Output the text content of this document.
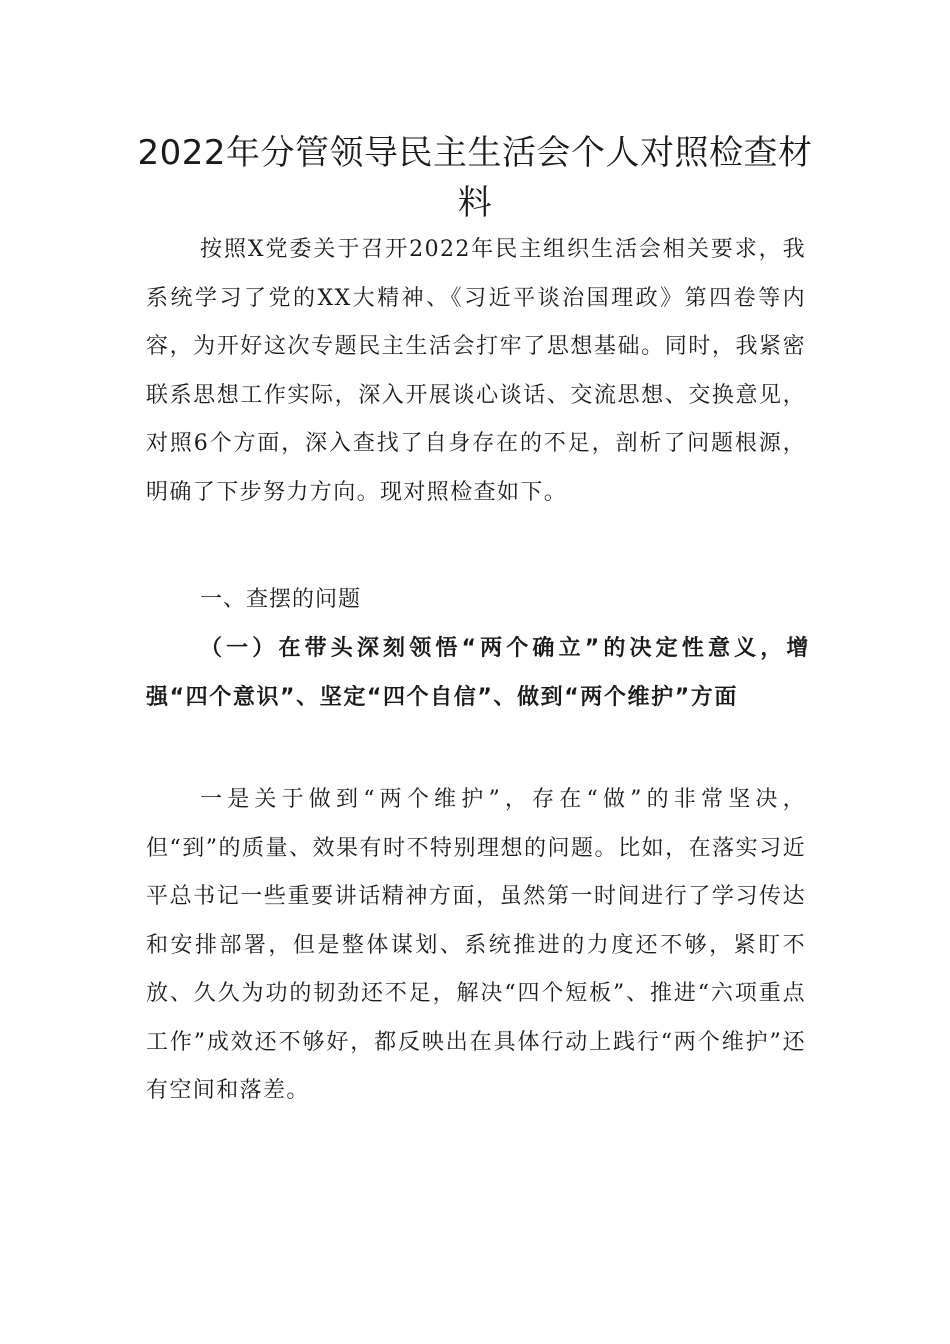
2022年分管领导民主生活会个人对照检查材料

按照X党委关于召开2022年民主组织生活会相关要求，我系统学习了党的XX大精神、《习近平谈治国理政》第四卷等内容，为开好这次专题民主生活会打牢了思想基础。同时，我紧密联系思想工作实际，深入开展谈心谈话、交流思想、交换意见，对照6个方面，深入查找了自身存在的不足，剖析了问题根源，明确了下步努力方向。现对照检查如下。

一、查摆的问题

（一）在带头深刻领悟“两个确立”的决定性意义，增强“四个意识”、坚定“四个自信”、做到“两个维护”方面

一是关于做到“两个维护”，存在“做”的非常坚决，但“到”的质量、效果有时不特别理想的问题。比如，在落实习近平总书记一些重要讲话精神方面，虽然第一时间进行了学习传达和安排部署，但是整体谋划、系统推进的力度还不够，紧盯不放、久久为功的韧劲还不足，解决“四个短板”、推进“六项重点工作”成效还不够好，都反映出在具体行动上践行“两个维护”还有空间和落差。
